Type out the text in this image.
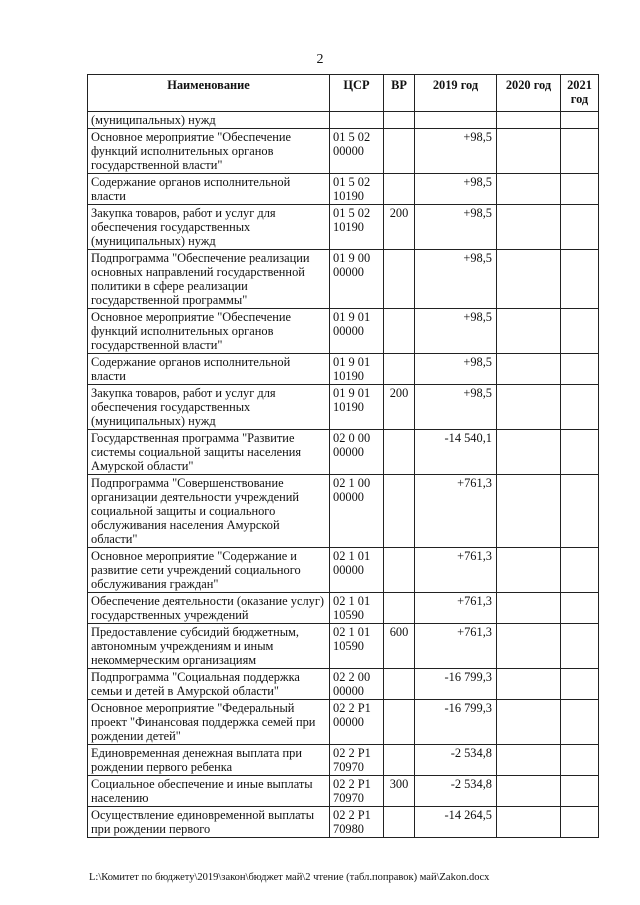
2
Наименование	ЦСР	ВР	2019 год	2020 год	2021 год
(муниципальных) нужд					
Основное мероприятие "Обеспечение функций исполнительных органов государственной власти"	01 5 02 00000		+98,5		
Содержание органов исполнительной власти	01 5 02 10190		+98,5		
Закупка товаров, работ и услуг для обеспечения государственных (муниципальных) нужд	01 5 02 10190	200	+98,5		
Подпрограмма "Обеспечение реализации основных направлений государственной политики в сфере реализации государственной программы"	01 9 00 00000		+98,5		
Основное мероприятие "Обеспечение функций исполнительных органов государственной власти"	01 9 01 00000		+98,5		
Содержание органов исполнительной власти	01 9 01 10190		+98,5		
Закупка товаров, работ и услуг для обеспечения государственных (муниципальных) нужд	01 9 01 10190	200	+98,5		
Государственная программа "Развитие системы социальной защиты населения Амурской области"	02 0 00 00000		-14 540,1		
Подпрограмма "Совершенствование организации деятельности учреждений социальной защиты и социального обслуживания населения Амурской области"	02 1 00 00000		+761,3		
Основное мероприятие "Содержание и развитие сети учреждений социального обслуживания граждан"	02 1 01 00000		+761,3		
Обеспечение деятельности (оказание услуг) государственных учреждений	02 1 01 10590		+761,3		
Предоставление субсидий бюджетным, автономным учреждениям и иным некоммерческим организациям	02 1 01 10590	600	+761,3		
Подпрограмма "Социальная поддержка семьи и детей в Амурской области"	02 2 00 00000		-16 799,3		
Основное мероприятие "Федеральный проект "Финансовая поддержка семей при рождении детей"	02 2 Р1 00000		-16 799,3		
Единовременная денежная выплата при рождении первого ребенка	02 2 Р1 70970		-2 534,8		
Социальное обеспечение и иные выплаты населению	02 2 Р1 70970	300	-2 534,8		
Осуществление единовременной выплаты при рождении первого	02 2 Р1 70980		-14 264,5		
L:\Комитет по бюджету\2019\закон\бюджет май\2 чтение (табл.поправок) май\Zakon.docx
